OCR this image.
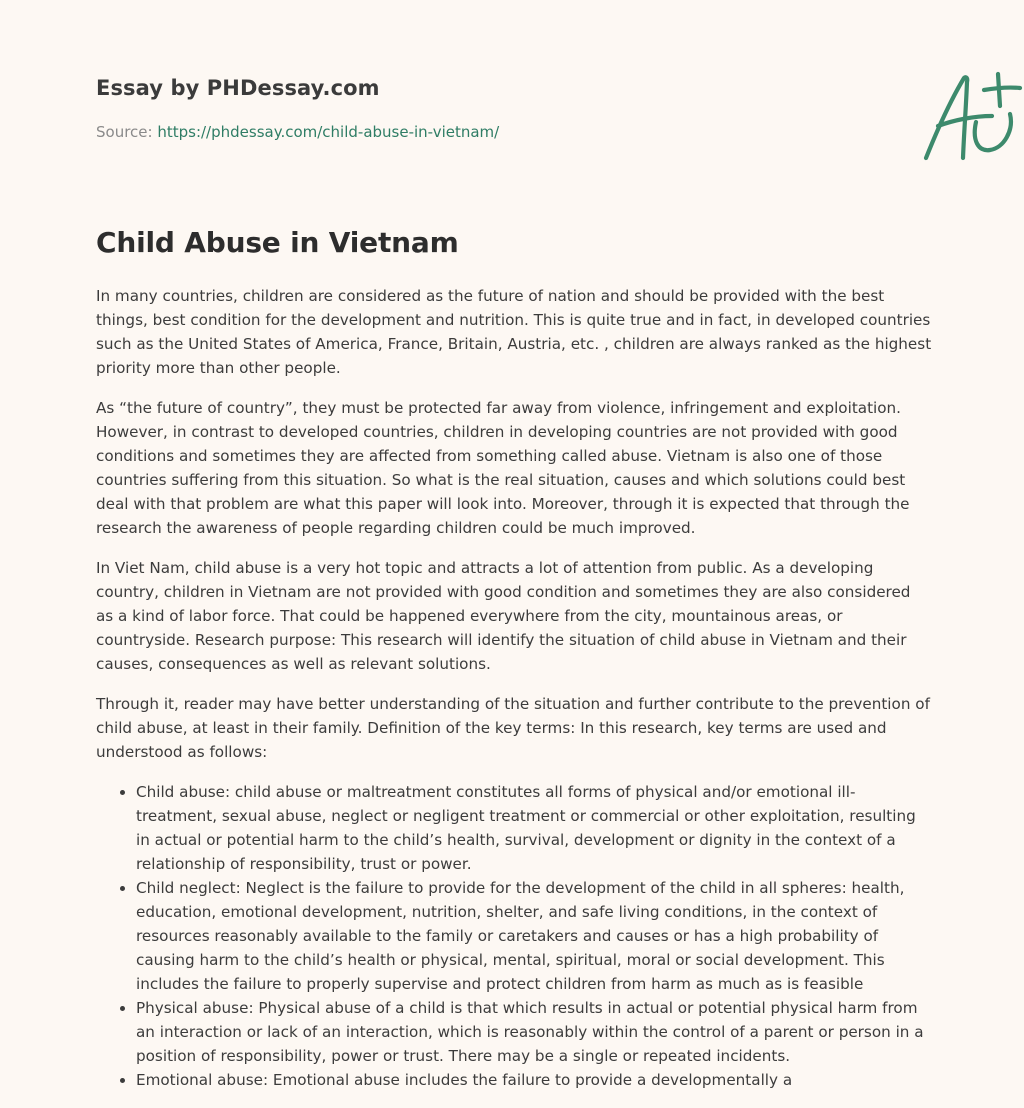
Essay by PHDessay.com
Source: https://phdessay.com/child-abuse-in-vietnam/
Child Abuse in Vietnam

In many countries, children are considered as the future of nation and should be provided with the best things, best condition for the development and nutrition. This is quite true and in fact, in developed countries such as the United States of America, France, Britain, Austria, etc. , children are always ranked as the highest priority more than other people.

As “the future of country”, they must be protected far away from violence, infringement and exploitation. However, in contrast to developed countries, children in developing countries are not provided with good conditions and sometimes they are affected from something called abuse. Vietnam is also one of those countries suffering from this situation. So what is the real situation, causes and which solutions could best deal with that problem are what this paper will look into. Moreover, through it is expected that through the research the awareness of people regarding children could be much improved.

In Viet Nam, child abuse is a very hot topic and attracts a lot of attention from public. As a developing country, children in Vietnam are not provided with good condition and sometimes they are also considered as a kind of labor force. That could be happened everywhere from the city, mountainous areas, or countryside. Research purpose: This research will identify the situation of child abuse in Vietnam and their causes, consequences as well as relevant solutions.

Through it, reader may have better understanding of the situation and further contribute to the prevention of child abuse, at least in their family. Definition of the key terms: In this research, key terms are used and understood as follows:

• Child abuse: child abuse or maltreatment constitutes all forms of physical and/or emotional ill-treatment, sexual abuse, neglect or negligent treatment or commercial or other exploitation, resulting in actual or potential harm to the child’s health, survival, development or dignity in the context of a relationship of responsibility, trust or power.
• Child neglect: Neglect is the failure to provide for the development of the child in all spheres: health, education, emotional development, nutrition, shelter, and safe living conditions, in the context of resources reasonably available to the family or caretakers and causes or has a high probability of causing harm to the child’s health or physical, mental, spiritual, moral or social development. This includes the failure to properly supervise and protect children from harm as much as is feasible
• Physical abuse: Physical abuse of a child is that which results in actual or potential physical harm from an interaction or lack of an interaction, which is reasonably within the control of a parent or person in a position of responsibility, power or trust. There may be a single or repeated incidents.
• Emotional abuse: Emotional abuse includes the failure to provide a developmentally a
